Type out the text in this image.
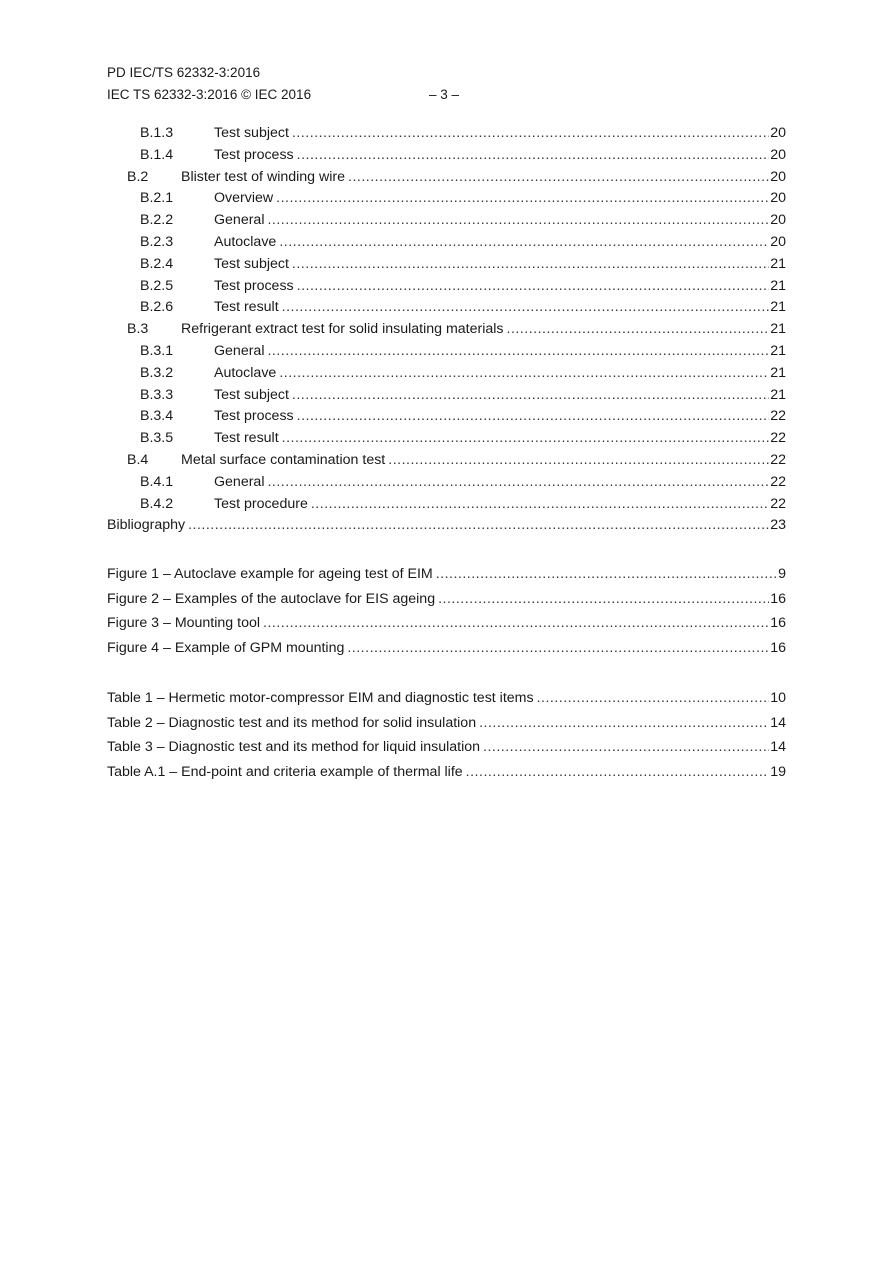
PD IEC/TS 62332-3:2016
IEC TS 62332-3:2016 © IEC 2016	– 3 –
B.1.3	Test subject .....	20
B.1.4	Test process .....	20
B.2	Blister test of winding wire .....	20
B.2.1	Overview .....	20
B.2.2	General .....	20
B.2.3	Autoclave .....	20
B.2.4	Test subject .....	21
B.2.5	Test process .....	21
B.2.6	Test result .....	21
B.3	Refrigerant extract test for solid insulating materials .....	21
B.3.1	General .....	21
B.3.2	Autoclave .....	21
B.3.3	Test subject .....	21
B.3.4	Test process .....	22
B.3.5	Test result .....	22
B.4	Metal surface contamination test .....	22
B.4.1	General .....	22
B.4.2	Test procedure .....	22
Bibliography .....	23
Figure 1 – Autoclave example for ageing test of EIM .....	9
Figure 2 – Examples of the autoclave for EIS ageing .....	16
Figure 3 – Mounting tool .....	16
Figure 4 – Example of GPM mounting .....	16
Table 1 – Hermetic motor-compressor EIM and diagnostic test items .....	10
Table 2 – Diagnostic test and its method for solid insulation .....	14
Table 3 – Diagnostic test and its method for liquid insulation .....	14
Table A.1 – End-point and criteria example of thermal life .....	19
